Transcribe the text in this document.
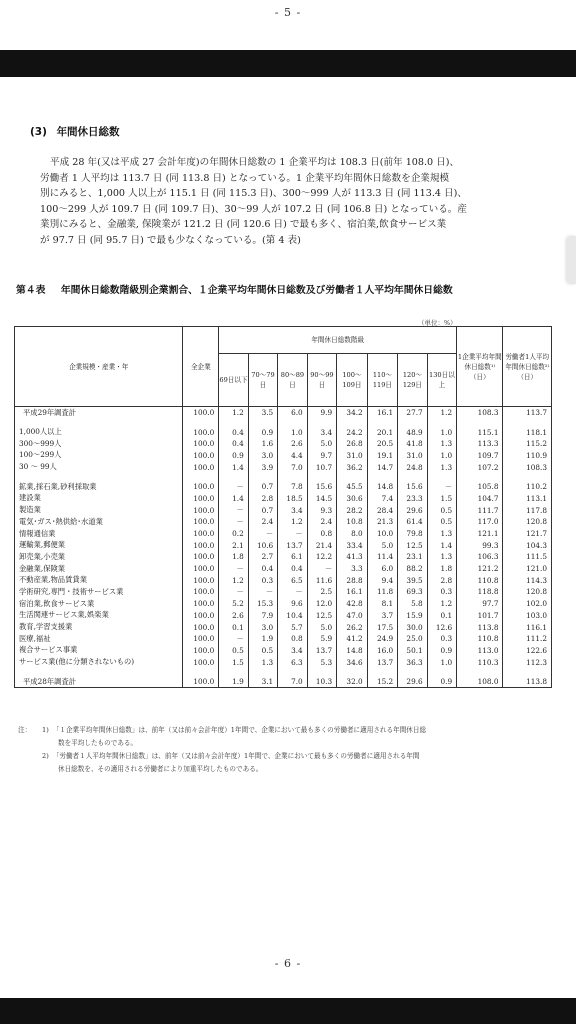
- 5 -
(3) 年間休日総数
平成 28 年(又は平成 27 会計年度)の年間休日総数の 1 企業平均は 108.3 日(前年 108.0 日)、
労働者 1 人平均は 113.7 日 (同 113.8 日) となっている。1 企業平均年間休日総数を企業規模
別にみると、1,000 人以上が 115.1 日 (同 115.3 日)、300～999 人が 113.3 日 (同 113.4 日)、
100～299 人が 109.7 日 (同 109.7 日)、30～99 人が 107.2 日 (同 106.8 日) となっている。産
業別にみると、金融業, 保険業が 121.2 日 (同 120.6 日) で最も多く、宿泊業,飲食サービス業
が 97.7 日 (同 95.7 日) で最も少なくなっている。(第 4 表)
第４表 年間休日総数階級別企業割合、１企業平均年間休日総数及び労働者１人平均年間休日総数
（単位：%）
企業規模・産業・年	全企業	年間休日総数階級								1企業平均年間休日総数¹⁾（日）	労働者1人平均年間休日総数²⁾（日）
		69日以下	70～79日	80～89日	90～99日	100～109日	110～119日	120～129日	130日以上		
平成29年調査計	100.0	1.2	3.5	6.0	9.9	34.2	16.1	27.7	1.2	108.3	113.7

1,000人以上	100.0	0.4	0.9	1.0	3.4	24.2	20.1	48.9	1.0	115.1	118.1
300～999人	100.0	0.4	1.6	2.6	5.0	26.8	20.5	41.8	1.3	113.3	115.2
100～299人	100.0	0.9	3.0	4.4	9.7	31.0	19.1	31.0	1.0	109.7	110.9
30 ～ 99人	100.0	1.4	3.9	7.0	10.7	36.2	14.7	24.8	1.3	107.2	108.3

鉱業,採石業,砂利採取業	100.0	－	0.7	7.8	15.6	45.5	14.8	15.6	－	105.8	110.2
建設業	100.0	1.4	2.8	18.5	14.5	30.6	7.4	23.3	1.5	104.7	113.1
製造業	100.0	－	0.7	3.4	9.3	28.2	28.4	29.6	0.5	111.7	117.8
電気･ガス･熱供給･水道業	100.0	－	2.4	1.2	2.4	10.8	21.3	61.4	0.5	117.0	120.8
情報通信業	100.0	0.2	－	－	0.8	8.0	10.0	79.8	1.3	121.1	121.7
運輸業,郵便業	100.0	2.1	10.6	13.7	21.4	33.4	5.0	12.5	1.4	99.3	104.3
卸売業,小売業	100.0	1.8	2.7	6.1	12.2	41.3	11.4	23.1	1.3	106.3	111.5
金融業,保険業	100.0	－	0.4	0.4	－	3.3	6.0	88.2	1.8	121.2	121.0
不動産業,物品賃貸業	100.0	1.2	0.3	6.5	11.6	28.8	9.4	39.5	2.8	110.8	114.3
学術研究,専門・技術サービス業	100.0	－	－	－	2.5	16.1	11.8	69.3	0.3	118.8	120.8
宿泊業,飲食サービス業	100.0	5.2	15.3	9.6	12.0	42.8	8.1	5.8	1.2	97.7	102.0
生活関連サービス業,娯楽業	100.0	2.6	7.9	10.4	12.5	47.0	3.7	15.9	0.1	101.7	103.0
教育,学習支援業	100.0	0.1	3.0	5.7	5.0	26.2	17.5	30.0	12.6	113.8	116.1
医療,福祉	100.0	－	1.9	0.8	5.9	41.2	24.9	25.0	0.3	110.8	111.2
複合サービス事業	100.0	0.5	0.5	3.4	13.7	14.8	16.0	50.1	0.9	113.0	122.6
サービス業(他に分類されないもの)	100.0	1.5	1.3	6.3	5.3	34.6	13.7	36.3	1.0	110.3	112.3

平成28年調査計	100.0	1.9	3.1	7.0	10.3	32.0	15.2	29.6	0.9	108.0	113.8
注：	1) 「１企業平均年間休日総数」は、前年（又は前々会計年度）1年間で、企業において最も多くの労働者に適用される年間休日総
数を平均したものである。
2) 「労働者１人平均年間休日総数」は、前年（又は前々会計年度）1年間で、企業において最も多くの労働者に適用される年間
休日総数を、その適用される労働者により加重平均したものである。
- 6 -
